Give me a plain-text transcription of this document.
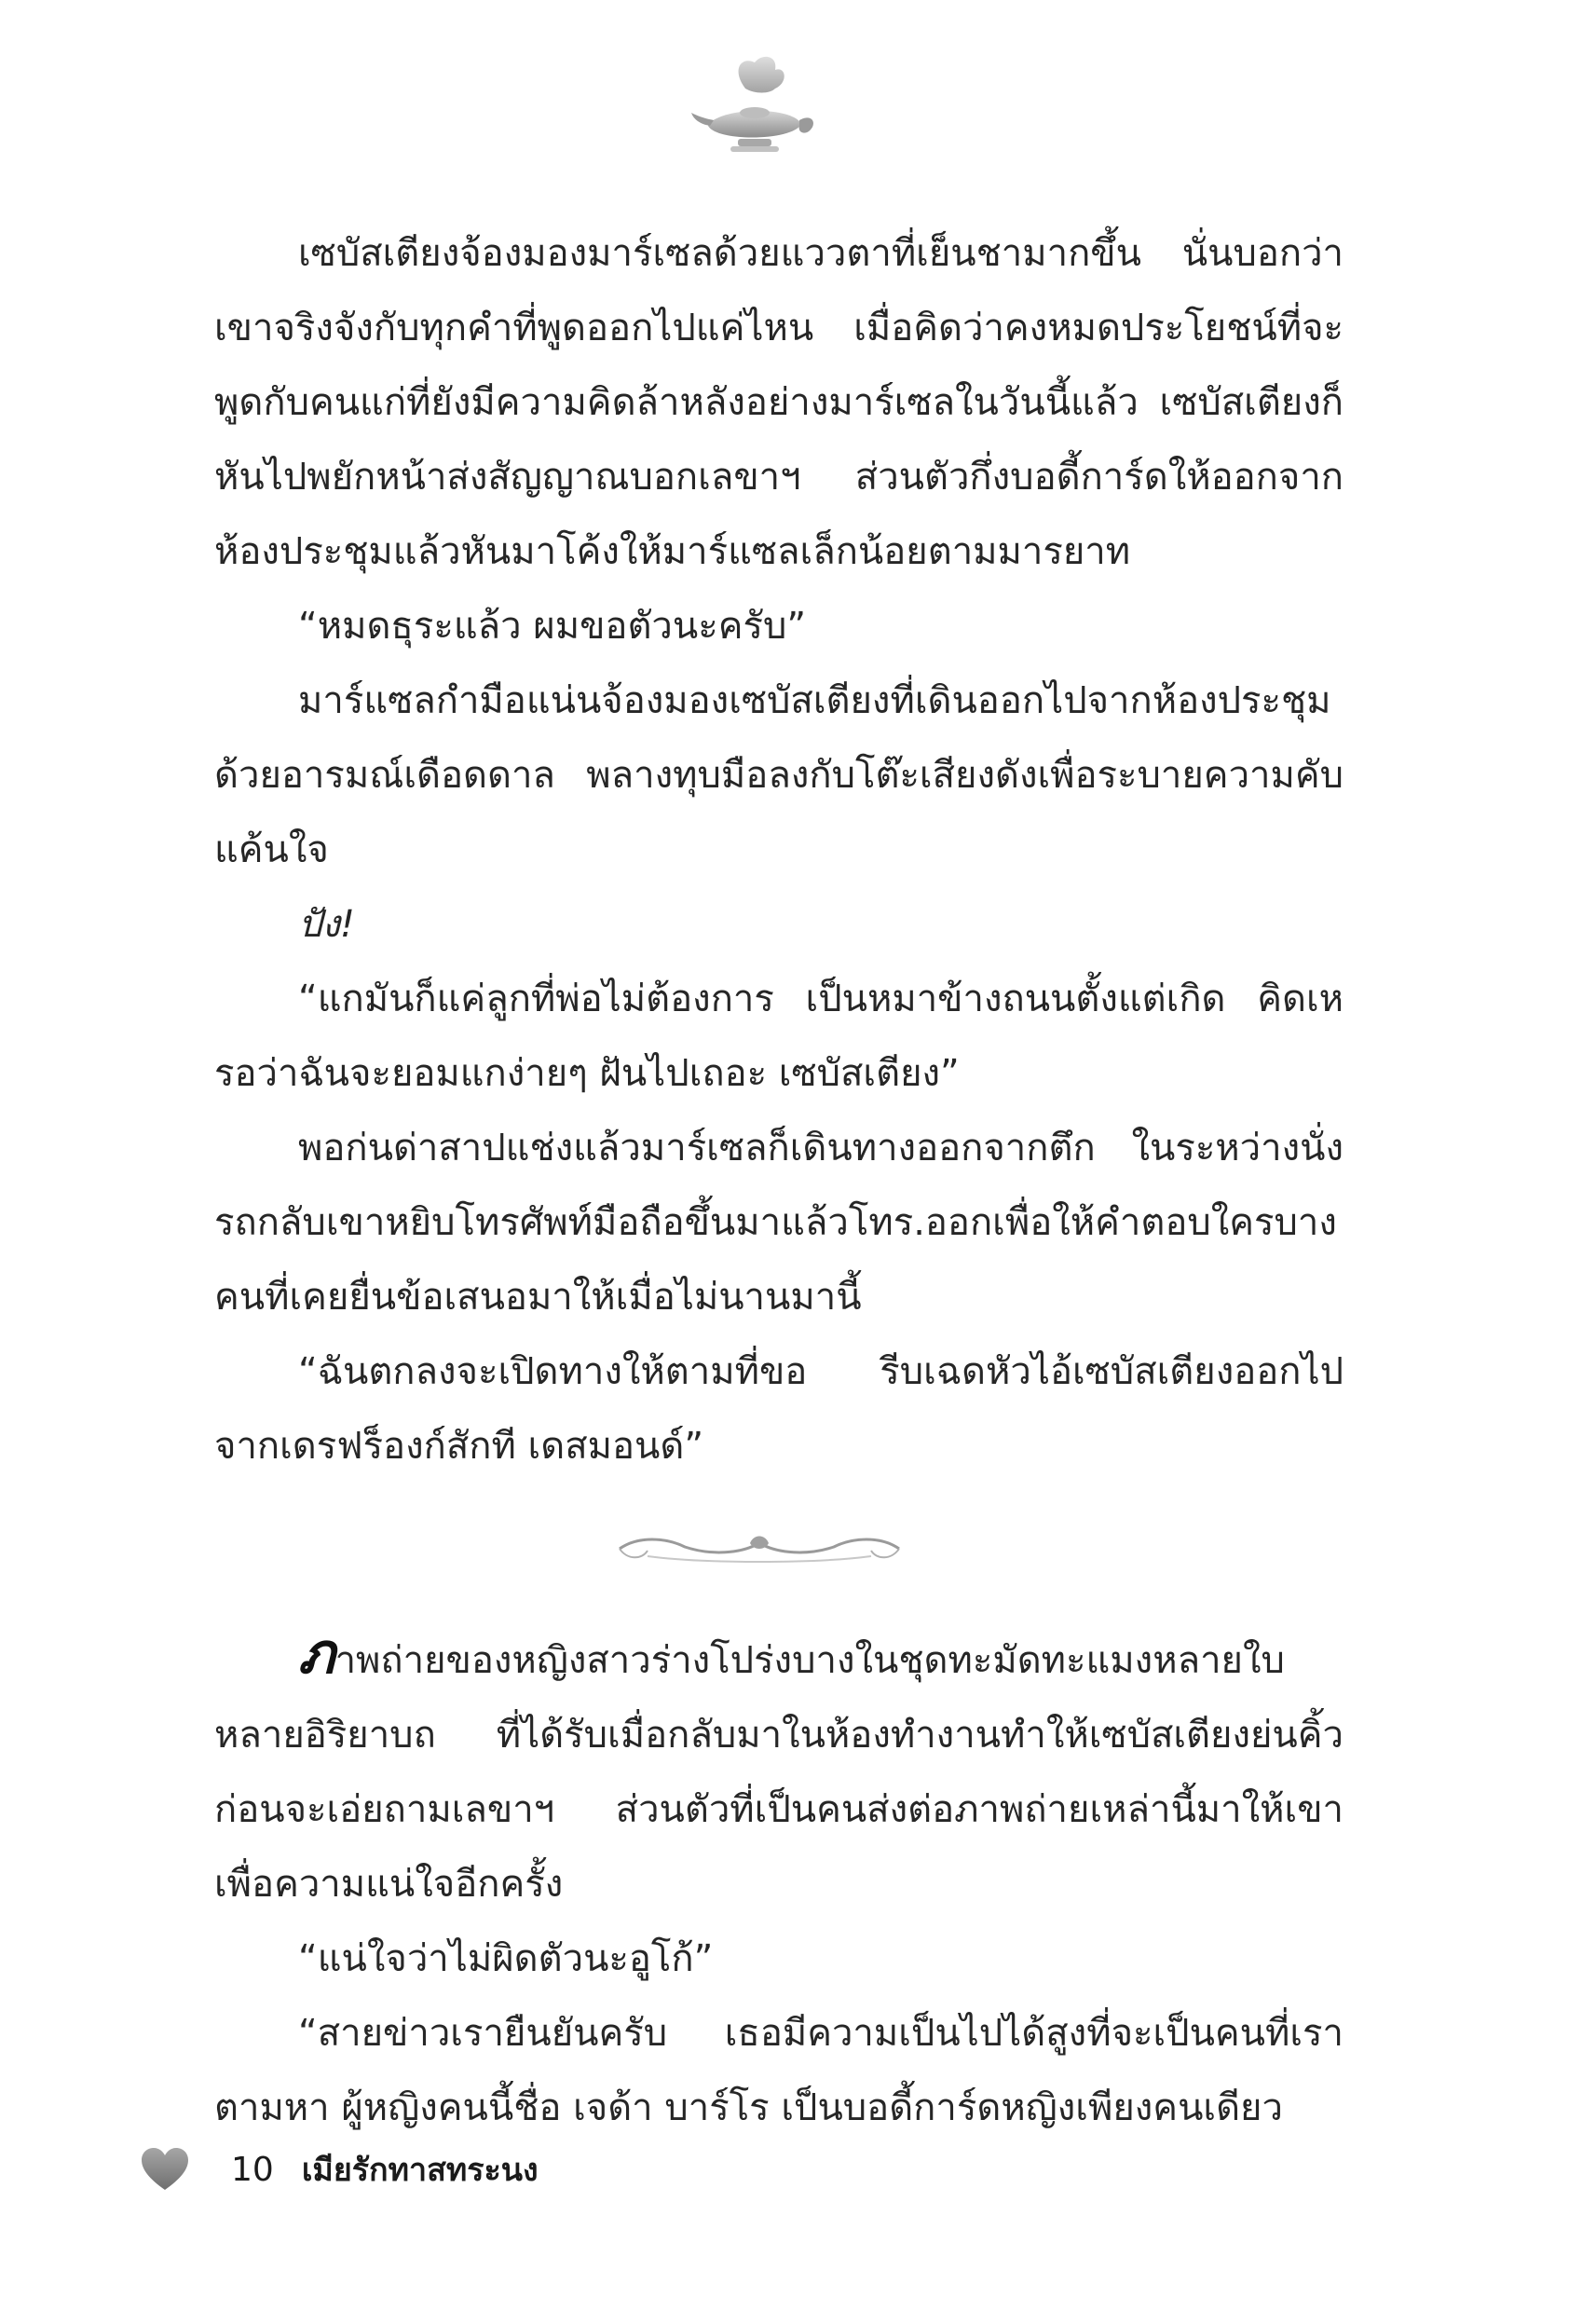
เซบัสเตียงจ้องมองมาร์เซลด้วยแววตาที่เย็นชามากขึ้น นั่นบอกว่าเขาจริงจังกับทุกคำที่พูดออกไปแค่ไหน เมื่อคิดว่าคงหมดประโยชน์ที่จะพูดกับคนแก่ที่ยังมีความคิดล้าหลังอย่างมาร์เซลในวันนี้แล้ว เซบัสเตียงก็หันไปพยักหน้าส่งสัญญาณบอกเลขาฯ ส่วนตัวกึ่งบอดี้การ์ดให้ออกจากห้องประชุมแล้วหันมาโค้งให้มาร์แซลเล็กน้อยตามมารยาท

“หมดธุระแล้ว ผมขอตัวนะครับ”

มาร์แซลกำมือแน่นจ้องมองเซบัสเตียงที่เดินออกไปจากห้องประชุมด้วยอารมณ์เดือดดาล พลางทุบมือลงกับโต๊ะเสียงดังเพื่อระบายความคับแค้นใจ

ปัง!

“แกมันก็แค่ลูกที่พ่อไม่ต้องการ เป็นหมาข้างถนนตั้งแต่เกิด คิดเหรอว่าฉันจะยอมแกง่ายๆ ฝันไปเถอะ เซบัสเตียง”

พอก่นด่าสาปแช่งแล้วมาร์เซลก็เดินทางออกจากตึก ในระหว่างนั่งรถกลับเขาหยิบโทรศัพท์มือถือขึ้นมาแล้วโทร.ออกเพื่อให้คำตอบใครบางคนที่เคยยื่นข้อเสนอมาให้เมื่อไม่นานมานี้

“ฉันตกลงจะเปิดทางให้ตามที่ขอ รีบเฉดหัวไอ้เซบัสเตียงออกไปจากเดรฟร็องก์สักที เดสมอนด์”

ภาพถ่ายของหญิงสาวร่างโปร่งบางในชุดทะมัดทะแมงหลายใบหลายอิริยาบถ ที่ได้รับเมื่อกลับมาในห้องทำงานทำให้เซบัสเตียงย่นคิ้วก่อนจะเอ่ยถามเลขาฯ ส่วนตัวที่เป็นคนส่งต่อภาพถ่ายเหล่านี้มาให้เขาเพื่อความแน่ใจอีกครั้ง

“แน่ใจว่าไม่ผิดตัวนะอูโก้”

“สายข่าวเรายืนยันครับ เธอมีความเป็นไปได้สูงที่จะเป็นคนที่เราตามหา ผู้หญิงคนนี้ชื่อ เจด้า บาร์โร เป็นบอดี้การ์ดหญิงเพียงคนเดียว

10 เมียรักทาสทระนง
